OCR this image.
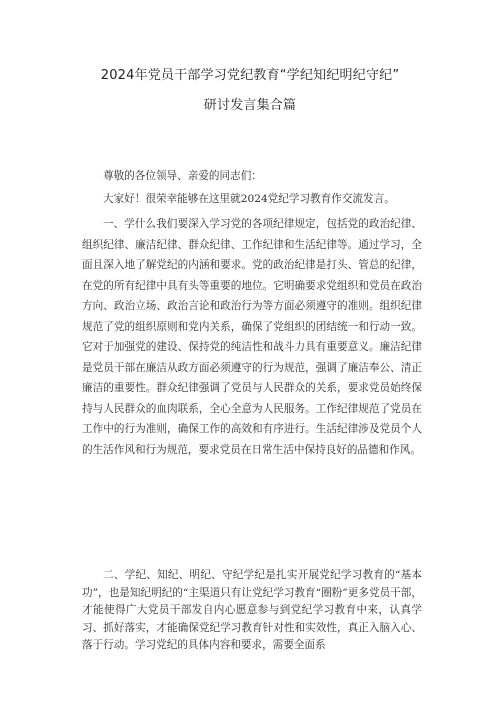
2024年党员干部学习党纪教育“学纪知纪明纪守纪”
研讨发言集合篇
尊敬的各位领导、亲爱的同志们：
大家好！很荣幸能够在这里就2024党纪学习教育作交流发言。

一、学什么我们要深入学习党的各项纪律规定，包括党的政治纪律、组织纪律、廉洁纪律、群众纪律、工作纪律和生活纪律等。通过学习，全面且深入地了解党纪的内涵和要求。党的政治纪律是打头、管总的纪律，在党的所有纪律中具有头等重要的地位。它明确要求党组织和党员在政治方向、政治立场、政治言论和政治行为等方面必须遵守的准则。组织纪律规范了党的组织原则和党内关系，确保了党组织的团结统一和行动一致。它对于加强党的建设、保持党的纯洁性和战斗力具有重要意义。廉洁纪律是党员干部在廉洁从政方面必须遵守的行为规范，强调了廉洁奉公、清正廉洁的重要性。群众纪律强调了党员与人民群众的关系，要求党员始终保持与人民群众的血肉联系，全心全意为人民服务。工作纪律规范了党员在工作中的行为准则，确保工作的高效和有序进行。生活纪律涉及党员个人的生活作风和行为规范，要求党员在日常生活中保持良好的品德和作风。

二、学纪、知纪、明纪、守纪学纪是扎实开展党纪学习教育的“基本功”，也是知纪明纪的“主渠道只有让党纪学习教育“圈粉”更多党员干部，才能使得广大党员干部发自内心愿意参与到党纪学习教育中来，认真学习、抓好落实，才能确保党纪学习教育针对性和实效性，真正入脑入心、落于行动。学习党纪的具体内容和要求，需要全面系
